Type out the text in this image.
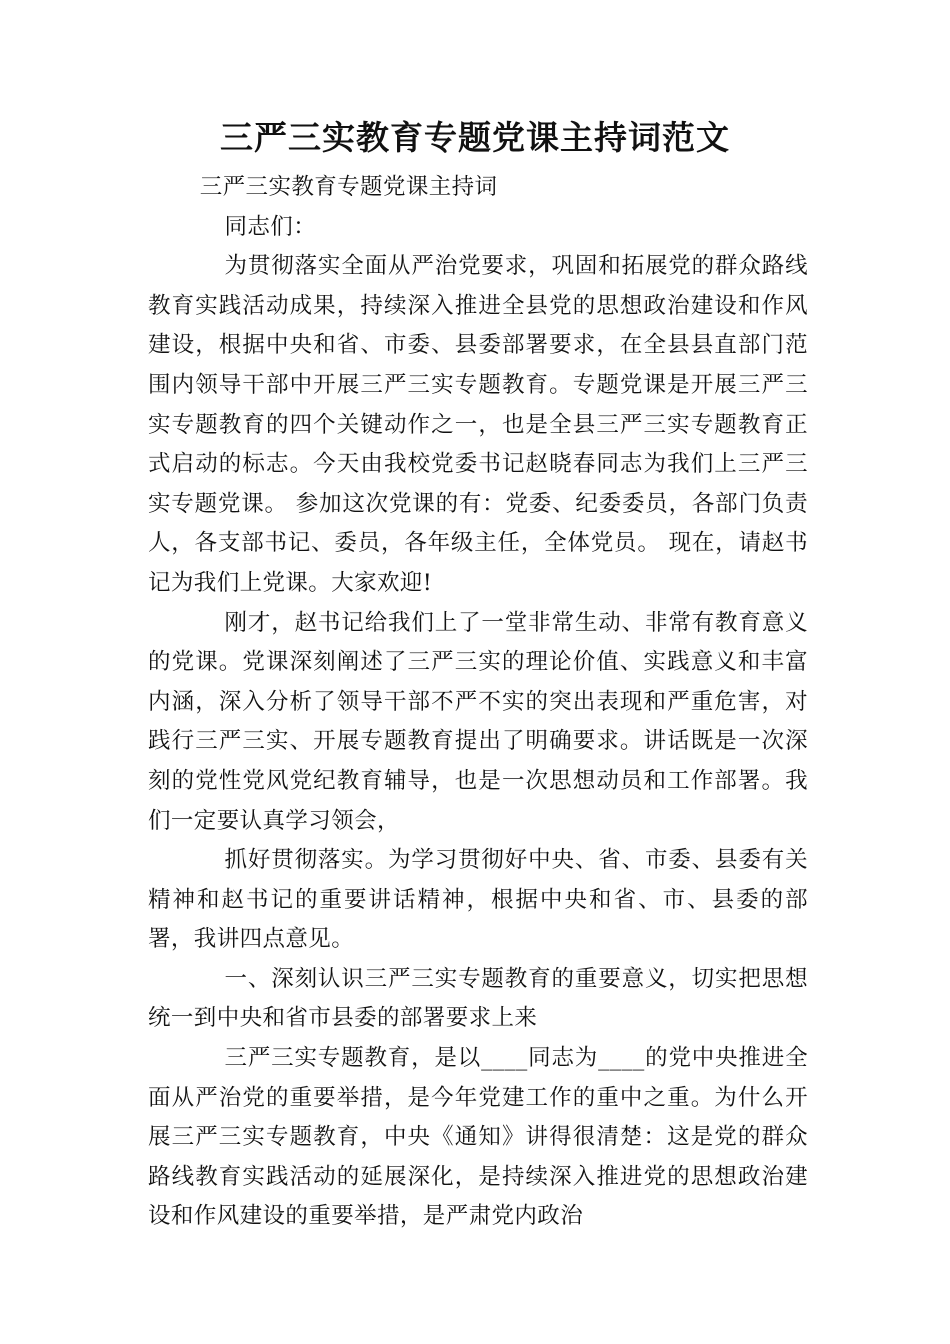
三严三实教育专题党课主持词范文

三严三实教育专题党课主持词

同志们：

为贯彻落实全面从严治党要求，巩固和拓展党的群众路线教育实践活动成果，持续深入推进全县党的思想政治建设和作风建设，根据中央和省、市委、县委部署要求，在全县县直部门范围内领导干部中开展三严三实专题教育。专题党课是开展三严三实专题教育的四个关键动作之一，也是全县三严三实专题教育正式启动的标志。今天由我校党委书记赵晓春同志为我们上三严三实专题党课。 参加这次党课的有：党委、纪委委员，各部门负责人，各支部书记、委员，各年级主任，全体党员。 现在，请赵书记为我们上党课。大家欢迎!

刚才，赵书记给我们上了一堂非常生动、非常有教育意义的党课。党课深刻阐述了三严三实的理论价值、实践意义和丰富内涵，深入分析了领导干部不严不实的突出表现和严重危害，对践行三严三实、开展专题教育提出了明确要求。讲话既是一次深刻的党性党风党纪教育辅导，也是一次思想动员和工作部署。我们一定要认真学习领会，

抓好贯彻落实。为学习贯彻好中央、省、市委、县委有关精神和赵书记的重要讲话精神，根据中央和省、市、县委的部署，我讲四点意见。

一、深刻认识三严三实专题教育的重要意义，切实把思想统一到中央和省市县委的部署要求上来

三严三实专题教育，是以____同志为____的党中央推进全面从严治党的重要举措，是今年党建工作的重中之重。为什么开展三严三实专题教育，中央《通知》讲得很清楚：这是党的群众路线教育实践活动的延展深化，是持续深入推进党的思想政治建设和作风建设的重要举措，是严肃党内政治
